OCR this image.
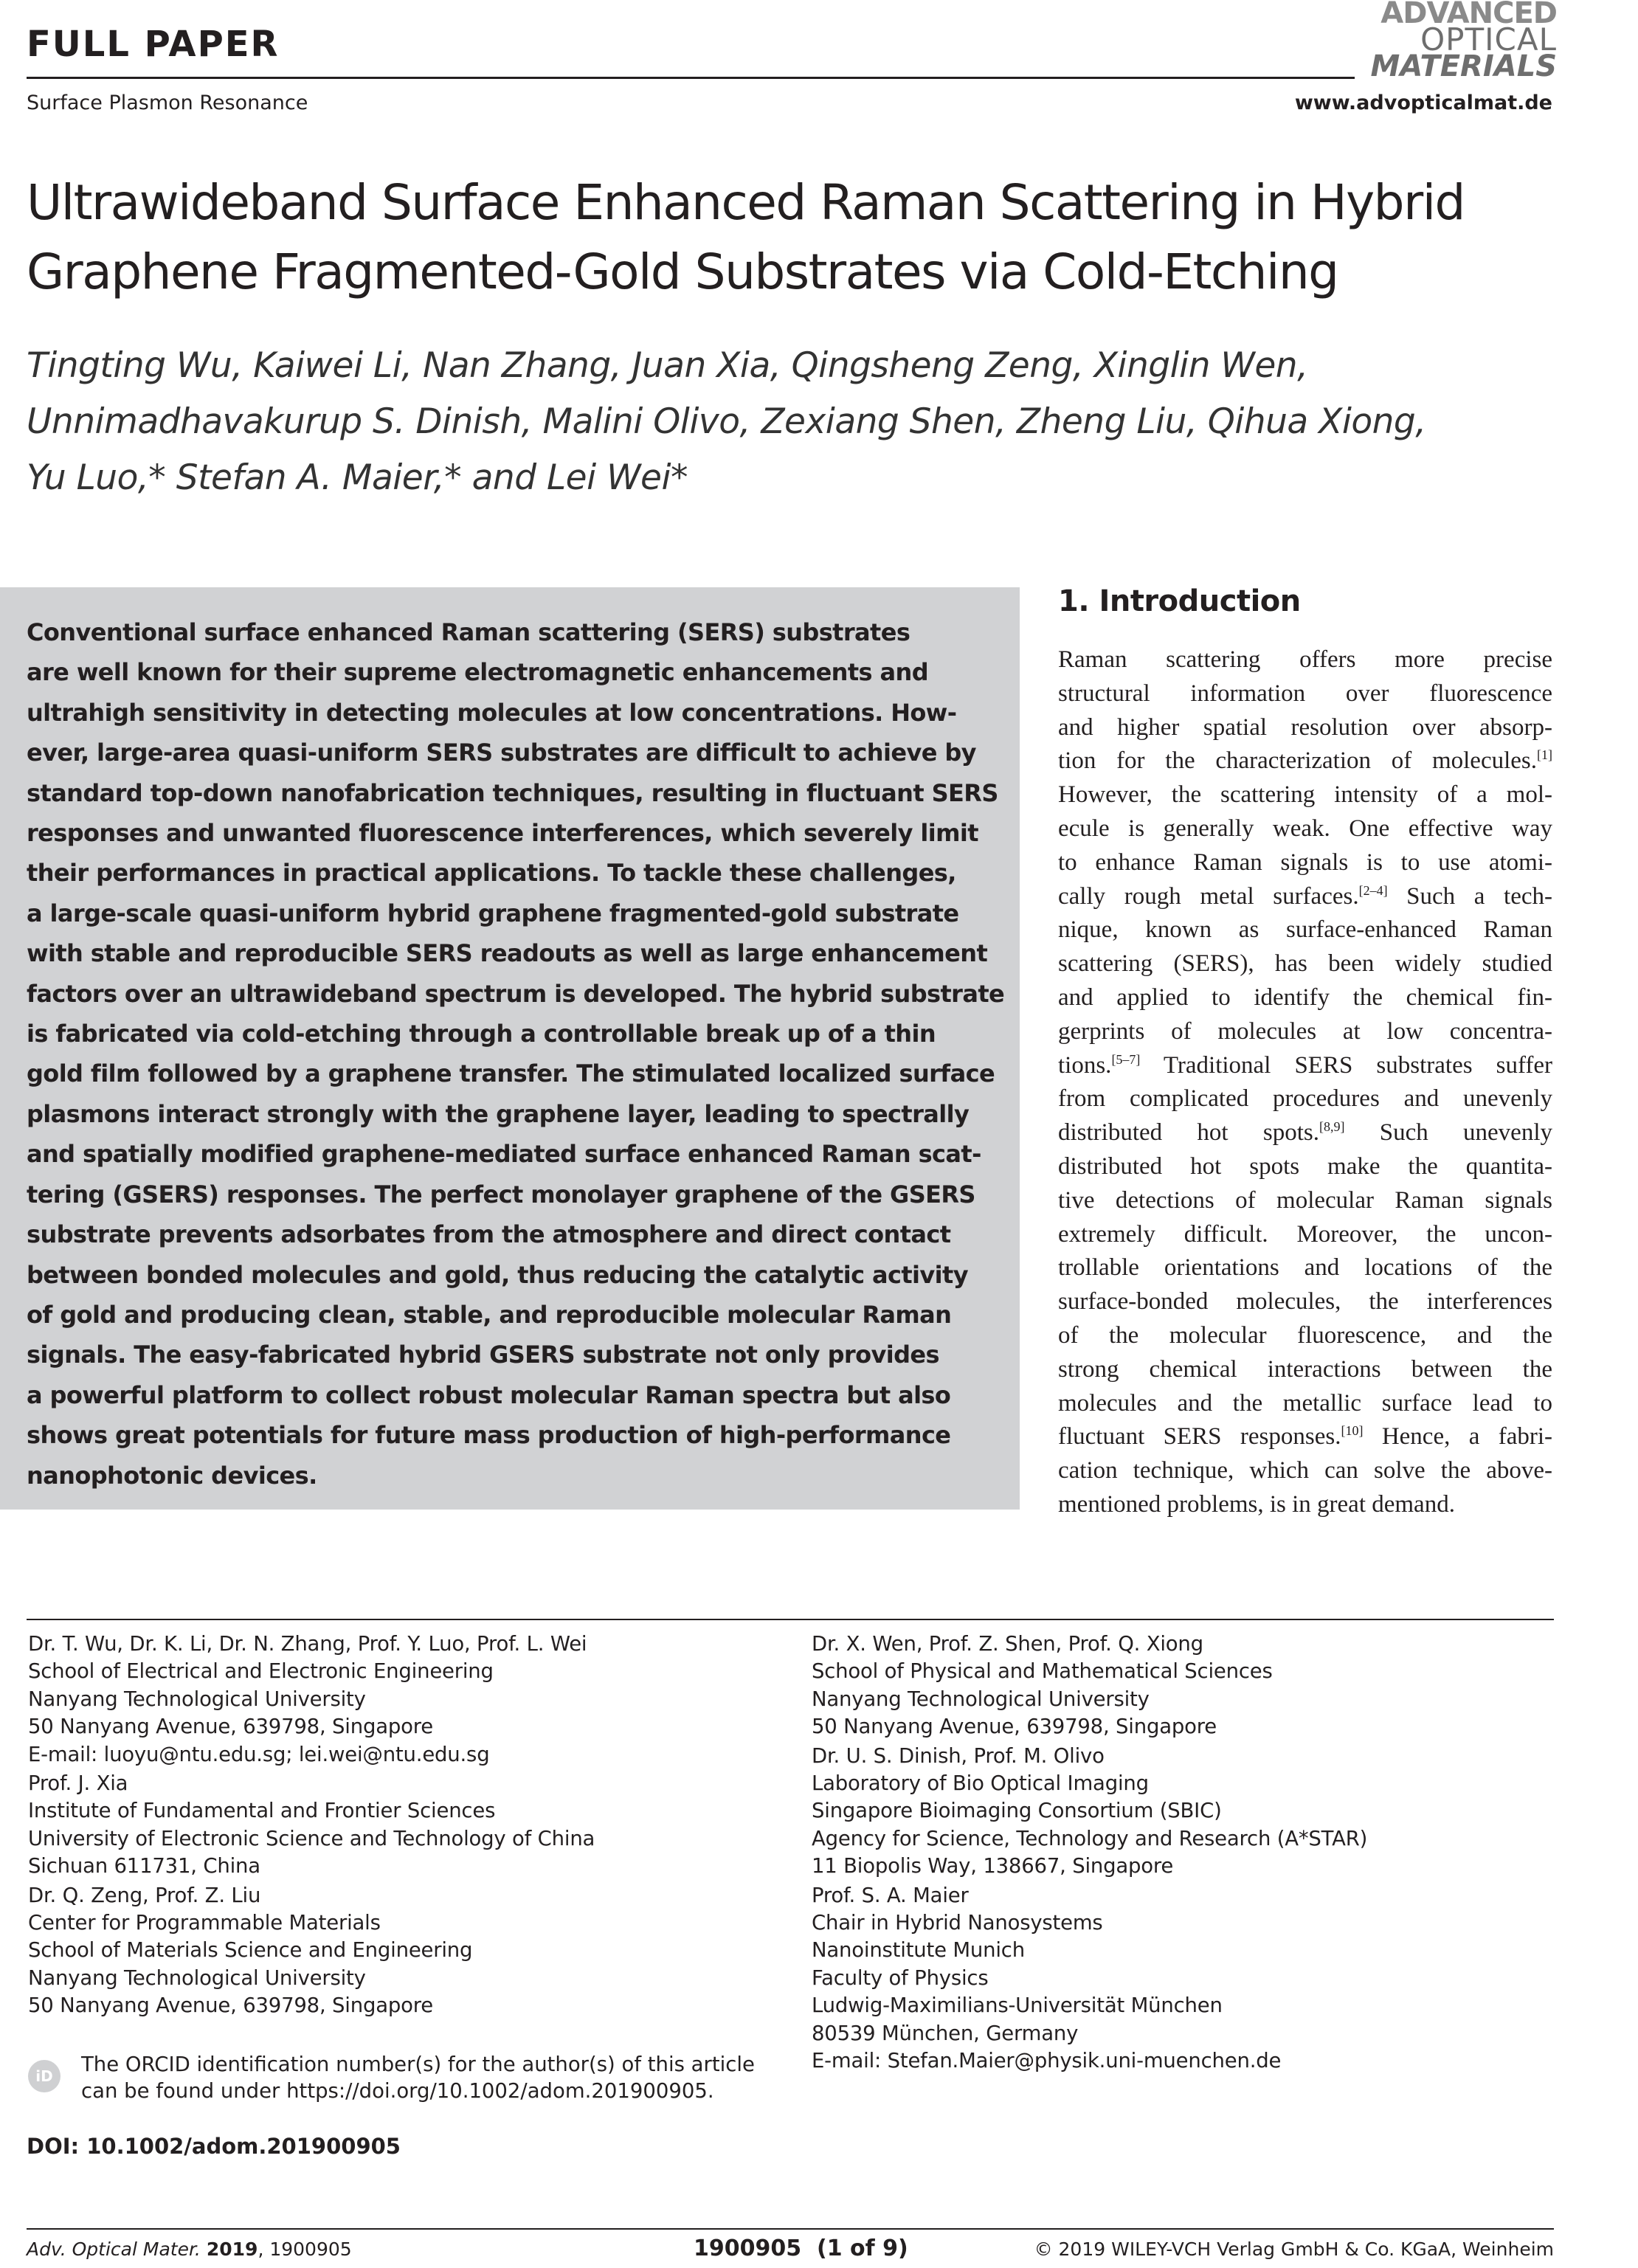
FULL PAPER
ADVANCED
OPTICAL
MATERIALS
Surface Plasmon Resonance	www.advopticalmat.de
Ultrawideband Surface Enhanced Raman Scattering in Hybrid Graphene Fragmented-Gold Substrates via Cold-Etching
Tingting Wu, Kaiwei Li, Nan Zhang, Juan Xia, Qingsheng Zeng, Xinglin Wen,
Unnimadhavakurup S. Dinish, Malini Olivo, Zexiang Shen, Zheng Liu, Qihua Xiong,
Yu Luo,* Stefan A. Maier,* and Lei Wei*
Conventional surface enhanced Raman scattering (SERS) substrates
are well known for their supreme electromagnetic enhancements and
ultrahigh sensitivity in detecting molecules at low concentrations. How-
ever, large-area quasi-uniform SERS substrates are difficult to achieve by
standard top-down nanofabrication techniques, resulting in fluctuant SERS
responses and unwanted fluorescence interferences, which severely limit
their performances in practical applications. To tackle these challenges,
a large-scale quasi-uniform hybrid graphene fragmented-gold substrate
with stable and reproducible SERS readouts as well as large enhancement
factors over an ultrawideband spectrum is developed. The hybrid substrate
is fabricated via cold-etching through a controllable break up of a thin
gold film followed by a graphene transfer. The stimulated localized surface
plasmons interact strongly with the graphene layer, leading to spectrally
and spatially modified graphene-mediated surface enhanced Raman scat-
tering (GSERS) responses. The perfect monolayer graphene of the GSERS
substrate prevents adsorbates from the atmosphere and direct contact
between bonded molecules and gold, thus reducing the catalytic activity
of gold and producing clean, stable, and reproducible molecular Raman
signals. The easy-fabricated hybrid GSERS substrate not only provides
a powerful platform to collect robust molecular Raman spectra but also
shows great potentials for future mass production of high-performance
nanophotonic devices.
1. Introduction
Raman scattering offers more precise
structural information over fluorescence
and higher spatial resolution over absorp-
tion for the characterization of molecules.[1]
However, the scattering intensity of a mol-
ecule is generally weak. One effective way
to enhance Raman signals is to use atomi-
cally rough metal surfaces.[2–4] Such a tech-
nique, known as surface-enhanced Raman
scattering (SERS), has been widely studied
and applied to identify the chemical fin-
gerprints of molecules at low concentra-
tions.[5–7] Traditional SERS substrates suffer
from complicated procedures and unevenly
distributed hot spots.[8,9] Such unevenly
distributed hot spots make the quantita-
tive detections of molecular Raman signals
extremely difficult. Moreover, the uncon-
trollable orientations and locations of the
surface-bonded molecules, the interferences
of the molecular fluorescence, and the
strong chemical interactions between the
molecules and the metallic surface lead to
fluctuant SERS responses.[10] Hence, a fabri-
cation technique, which can solve the above-
mentioned problems, is in great demand.
Dr. T. Wu, Dr. K. Li, Dr. N. Zhang, Prof. Y. Luo, Prof. L. Wei
School of Electrical and Electronic Engineering
Nanyang Technological University
50 Nanyang Avenue, 639798, Singapore
E-mail: luoyu@ntu.edu.sg; lei.wei@ntu.edu.sg
Prof. J. Xia
Institute of Fundamental and Frontier Sciences
University of Electronic Science and Technology of China
Sichuan 611731, China
Dr. Q. Zeng, Prof. Z. Liu
Center for Programmable Materials
School of Materials Science and Engineering
Nanyang Technological University
50 Nanyang Avenue, 639798, Singapore
Dr. X. Wen, Prof. Z. Shen, Prof. Q. Xiong
School of Physical and Mathematical Sciences
Nanyang Technological University
50 Nanyang Avenue, 639798, Singapore
Dr. U. S. Dinish, Prof. M. Olivo
Laboratory of Bio Optical Imaging
Singapore Bioimaging Consortium (SBIC)
Agency for Science, Technology and Research (A*STAR)
11 Biopolis Way, 138667, Singapore
Prof. S. A. Maier
Chair in Hybrid Nanosystems
Nanoinstitute Munich
Faculty of Physics
Ludwig-Maximilians-Universität München
80539 München, Germany
E-mail: Stefan.Maier@physik.uni-muenchen.de
iD	The ORCID identification number(s) for the author(s) of this article
can be found under https://doi.org/10.1002/adom.201900905.
DOI: 10.1002/adom.201900905
Adv. Optical Mater. 2019, 1900905	1900905  (1 of 9)	© 2019 WILEY-VCH Verlag GmbH & Co. KGaA, Weinheim
